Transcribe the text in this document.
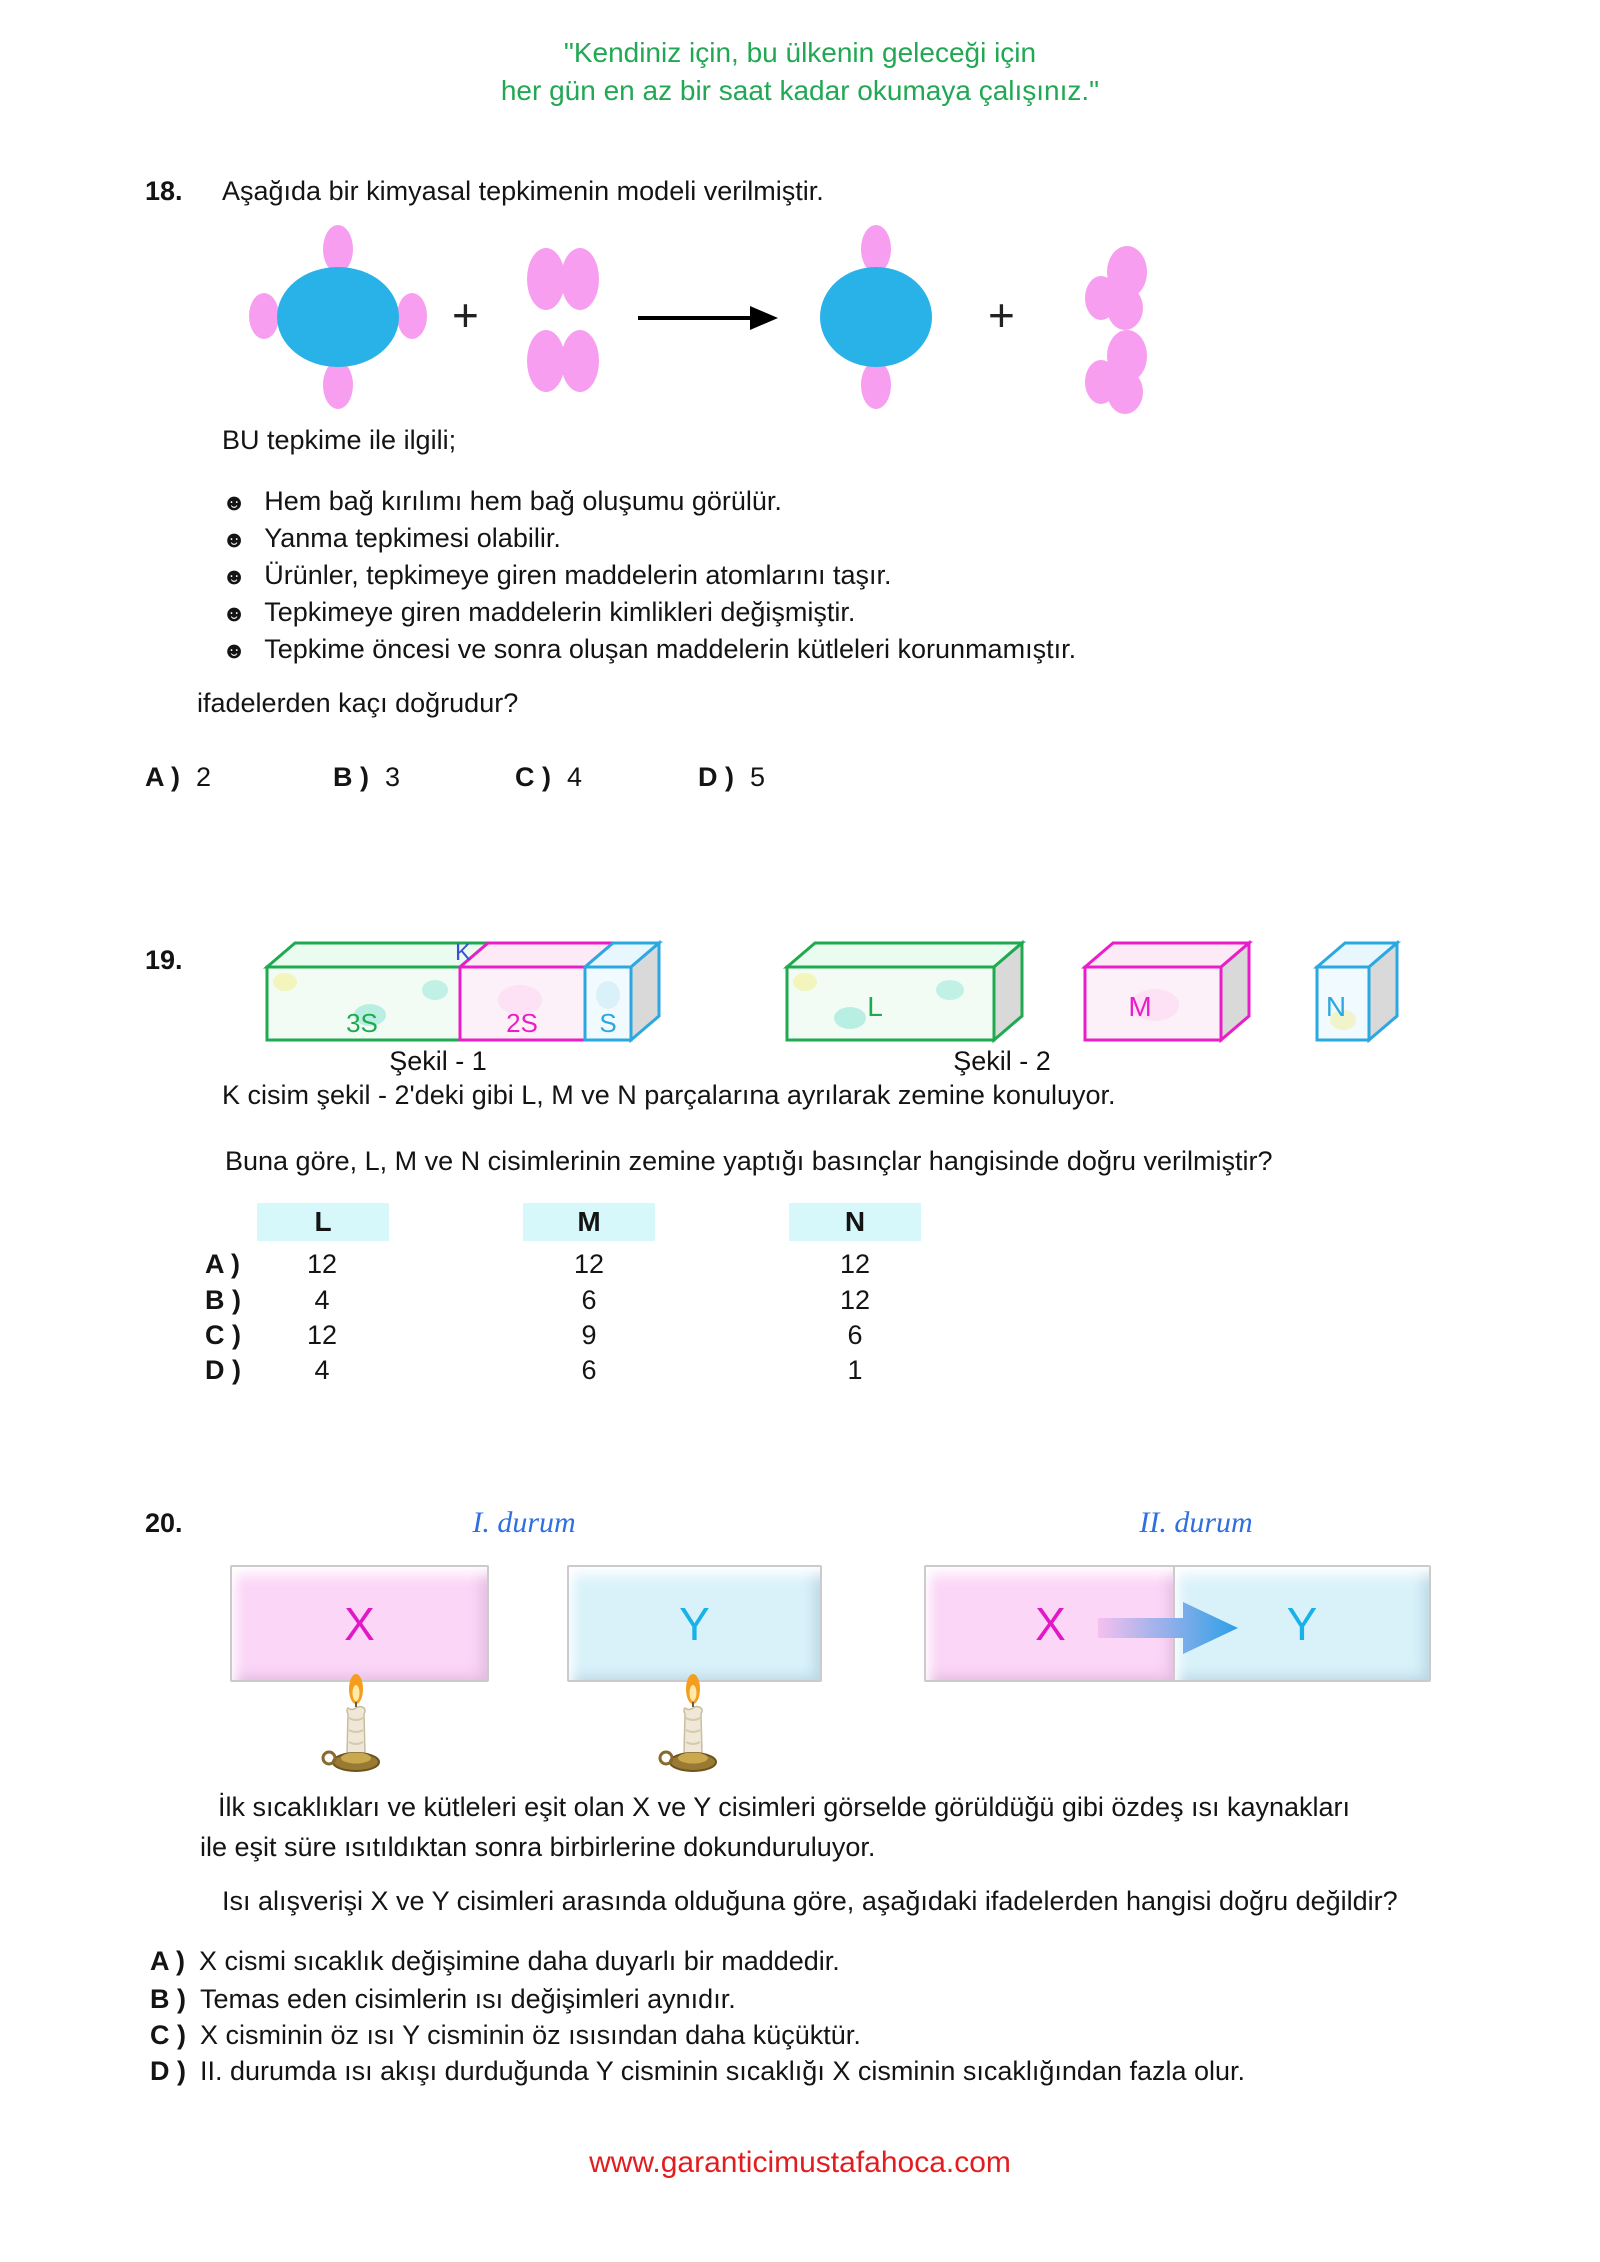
"Kendiniz için, bu ülkenin geleceği için
her gün en az bir saat kadar okumaya çalışınız."
18. Aşağıda bir kimyasal tepkimenin modeli verilmiştir.
+	+
BU tepkime ile ilgili;
☻ Hem bağ kırılımı hem bağ oluşumu görülür.
☻ Yanma tepkimesi olabilir.
☻ Ürünler, tepkimeye giren maddelerin atomlarını taşır.
☻ Tepkimeye giren maddelerin kimlikleri değişmiştir.
☻ Tepkime öncesi ve sonra oluşan maddelerin kütleleri korunmamıştır.
ifadelerden kaçı doğrudur?
A ) 2	B ) 3	C ) 4	D ) 5
19.	K
3S	2S S
Şekil - 1
L	M	N
Şekil - 2
K cisim şekil - 2'deki gibi L, M ve N parçalarına ayrılarak zemine konuluyor.
Buna göre, L, M ve N cisimlerinin zemine yaptığı basınçlar hangisinde doğru verilmiştir?
L	M	N
A )	12	12	12
B )	4	6	12
C )	12	9	6
D )	4	6	1
20.	I. durum	II. durum
X	Y	X	Y
İlk sıcaklıkları ve kütleleri eşit olan X ve Y cisimleri görselde görüldüğü gibi özdeş ısı kaynakları
ile eşit süre ısıtıldıktan sonra birbirlerine dokunduruluyor.
Isı alışverişi X ve Y cisimleri arasında olduğuna göre, aşağıdaki ifadelerden hangisi doğru değildir?
A ) X cismi sıcaklık değişimine daha duyarlı bir maddedir.
B ) Temas eden cisimlerin ısı değişimleri aynıdır.
C ) X cisminin öz ısı Y cisminin öz ısısından daha küçüktür.
D ) II. durumda ısı akışı durduğunda Y cisminin sıcaklığı X cisminin sıcaklığından fazla olur.
www.garanticimustafahoca.com
